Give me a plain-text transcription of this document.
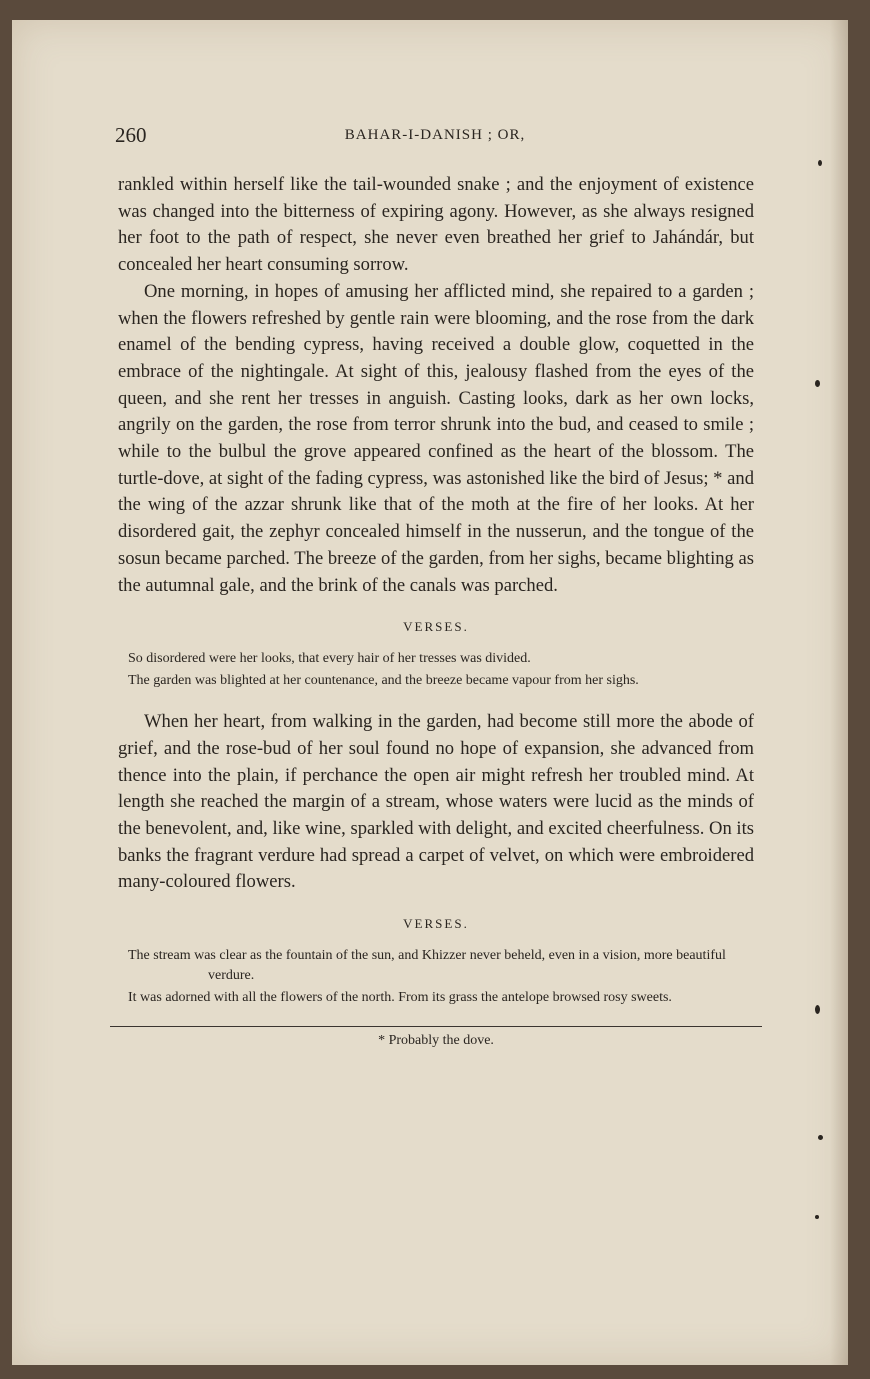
260	BAHAR-I-DANISH ; OR,

rankled within herself like the tail-wounded snake ; and the enjoyment of existence was changed into the bitterness of expiring agony. However, as she always resigned her foot to the path of respect, she never even breathed her grief to Jahándár, but concealed her heart consuming sorrow.

One morning, in hopes of amusing her afflicted mind, she repaired to a garden ; when the flowers refreshed by gentle rain were blooming, and the rose from the dark enamel of the bending cypress, having received a double glow, coquetted in the embrace of the nightingale. At sight of this, jealousy flashed from the eyes of the queen, and she rent her tresses in anguish. Casting looks, dark as her own locks, angrily on the garden, the rose from terror shrunk into the bud, and ceased to smile ; while to the bulbul the grove appeared confined as the heart of the blossom. The turtle-dove, at sight of the fading cypress, was astonished like the bird of Jesus; * and the wing of the azzar shrunk like that of the moth at the fire of her looks. At her disordered gait, the zephyr concealed himself in the nusserun, and the tongue of the sosun became parched. The breeze of the garden, from her sighs, became blighting as the autumnal gale, and the brink of the canals was parched.

VERSES.

So disordered were her looks, that every hair of her tresses was divided.

The garden was blighted at her countenance, and the breeze became vapour from her sighs.

When her heart, from walking in the garden, had become still more the abode of grief, and the rose-bud of her soul found no hope of expansion, she advanced from thence into the plain, if perchance the open air might refresh her troubled mind. At length she reached the margin of a stream, whose waters were lucid as the minds of the benevolent, and, like wine, sparkled with delight, and excited cheerfulness. On its banks the fragrant verdure had spread a carpet of velvet, on which were embroidered many-coloured flowers.

VERSES.

The stream was clear as the fountain of the sun, and Khizzer never beheld, even in a vision, more beautiful verdure.

It was adorned with all the flowers of the north. From its grass the antelope browsed rosy sweets.

* Probably the dove.
